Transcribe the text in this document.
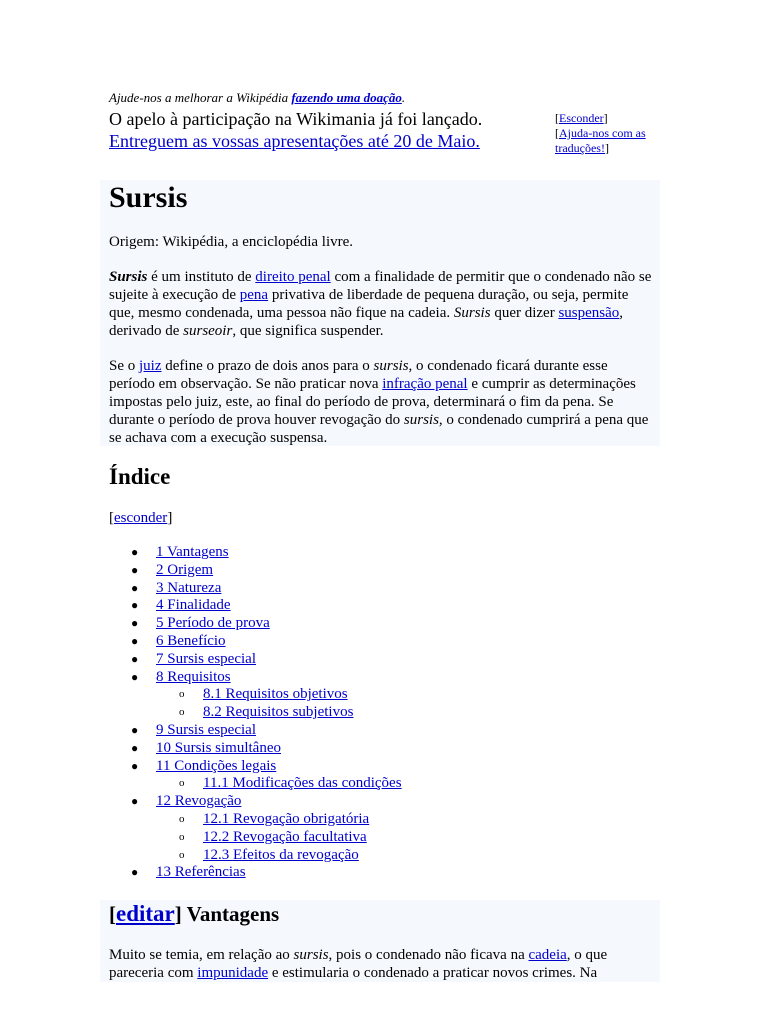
Ajude-nos a melhorar a Wikipédia fazendo uma doação.
O apelo à participação na Wikimania já foi lançado.
Entreguem as vossas apresentações até 20 de Maio.
[Esconder]
[Ajuda-nos com as
traduções!]
Sursis
Origem: Wikipédia, a enciclopédia livre.

Sursis é um instituto de direito penal com a finalidade de permitir que o condenado não se sujeite à execução de pena privativa de liberdade de pequena duração, ou seja, permite que, mesmo condenada, uma pessoa não fique na cadeia. Sursis quer dizer suspensão, derivado de surseoir, que significa suspender.

Se o juiz define o prazo de dois anos para o sursis, o condenado ficará durante esse período em observação. Se não praticar nova infração penal e cumprir as determinações impostas pelo juiz, este, ao final do período de prova, determinará o fim da pena. Se durante o período de prova houver revogação do sursis, o condenado cumprirá a pena que se achava com a execução suspensa.

Índice
[esconder]
● 1 Vantagens
● 2 Origem
● 3 Natureza
● 4 Finalidade
● 5 Período de prova
● 6 Benefício
● 7 Sursis especial
● 8 Requisitos
o 8.1 Requisitos objetivos
o 8.2 Requisitos subjetivos
● 9 Sursis especial
● 10 Sursis simultâneo
● 11 Condições legais
o 11.1 Modificações das condições
● 12 Revogação
o 12.1 Revogação obrigatória
o 12.2 Revogação facultativa
o 12.3 Efeitos da revogação
● 13 Referências
[editar] Vantagens

Muito se temia, em relação ao sursis, pois o condenado não ficava na cadeia, o que pareceria com impunidade e estimularia o condenado a praticar novos crimes. Na
